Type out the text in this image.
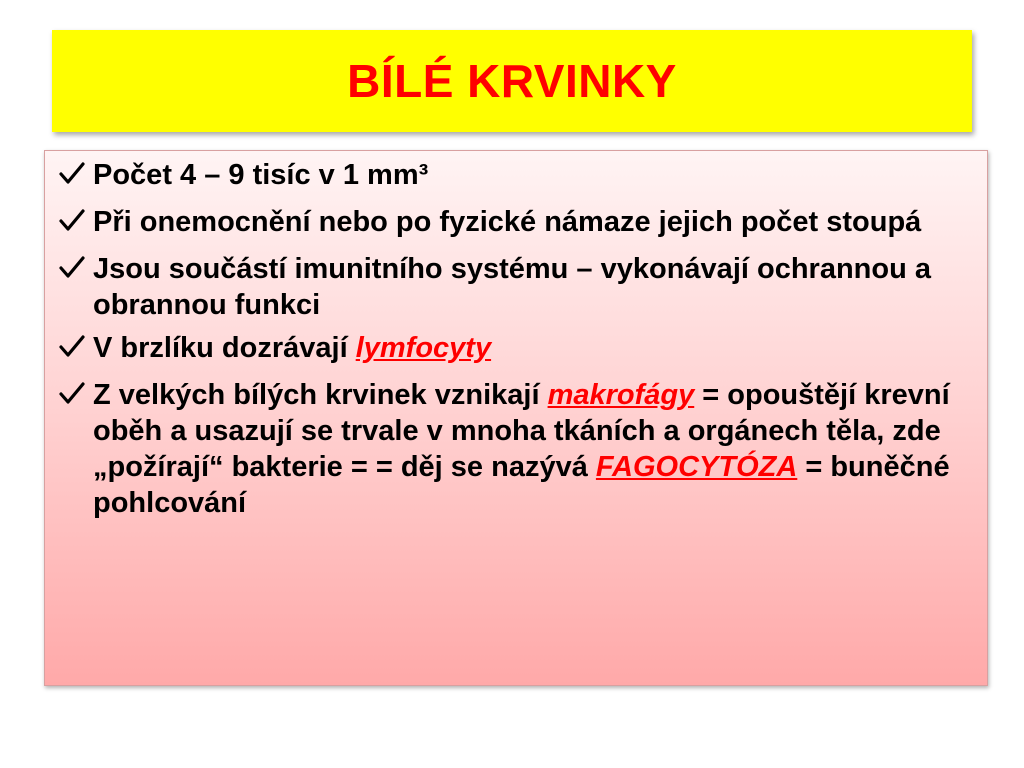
BÍLÉ KRVINKY
Počet 4 – 9 tisíc v 1 mm³
Při onemocnění nebo po fyzické námaze jejich počet stoupá
Jsou součástí imunitního systému – vykonávají ochrannou a obrannou funkci
V brzlíku dozrávají lymfocyty
Z velkých bílých krvinek vznikají makrofágy = opouštějí krevní oběh a usazují se trvale v mnoha tkáních a orgánech těla, zde „požírají“ bakterie = = děj se nazývá FAGOCYTÓZA = buněčné pohlcování
